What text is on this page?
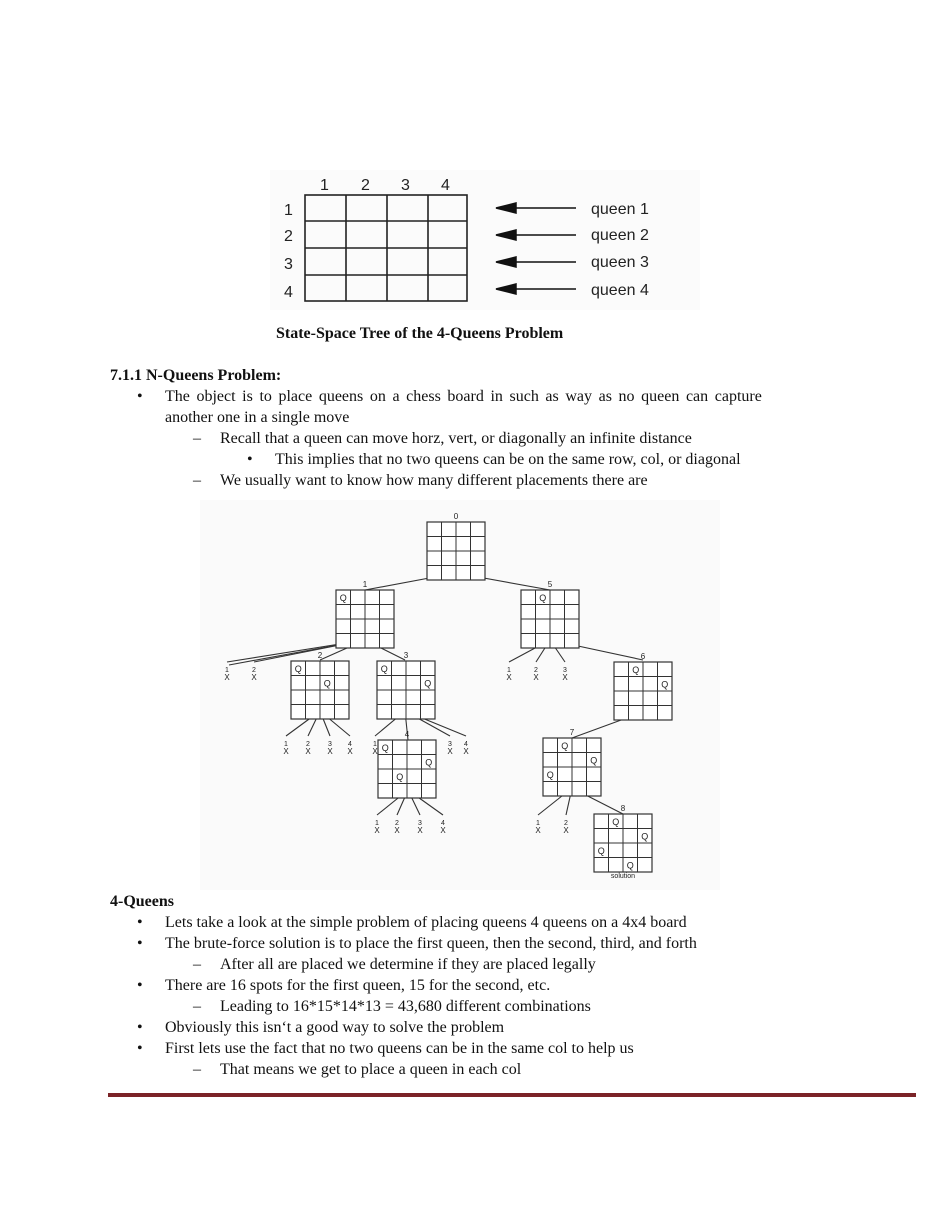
1 2 3 4
1
2
3
4
queen 1
queen 2
queen 3
queen 4
State-Space Tree of the 4-Queens Problem
7.1.1 N-Queens Problem:
• The object is to place queens on a chess board in such as way as no queen can capture
another one in a single move
– Recall that a queen can move horz, vert, or diagonally an infinite distance
• This implies that no two queens can be on the same row, col, or diagonal
– We usually want to know how many different placements there are
Q	Q
Q
Q
Q
Q
Q
Q
Q
Q
Q
Q
Q
Q
Q
Q
Q
Q
0
1	5
2	3	6
4	7
8
1
X
2
X
1
X
2
X
3
X
4
X
1
X
3
X
4
X
1
X
2
X
3
X
4
X
1
X
2
X
3
X
1
X
2
X
solution
4-Queens
• Lets take a look at the simple problem of placing queens 4 queens on a 4x4 board
• The brute-force solution is to place the first queen, then the second, third, and forth
– After all are placed we determine if they are placed legally
• There are 16 spots for the first queen, 15 for the second, etc.
– Leading to 16*15*14*13 = 43,680 different combinations
• Obviously this isn‘t a good way to solve the problem
• First lets use the fact that no two queens can be in the same col to help us
– That means we get to place a queen in each col
